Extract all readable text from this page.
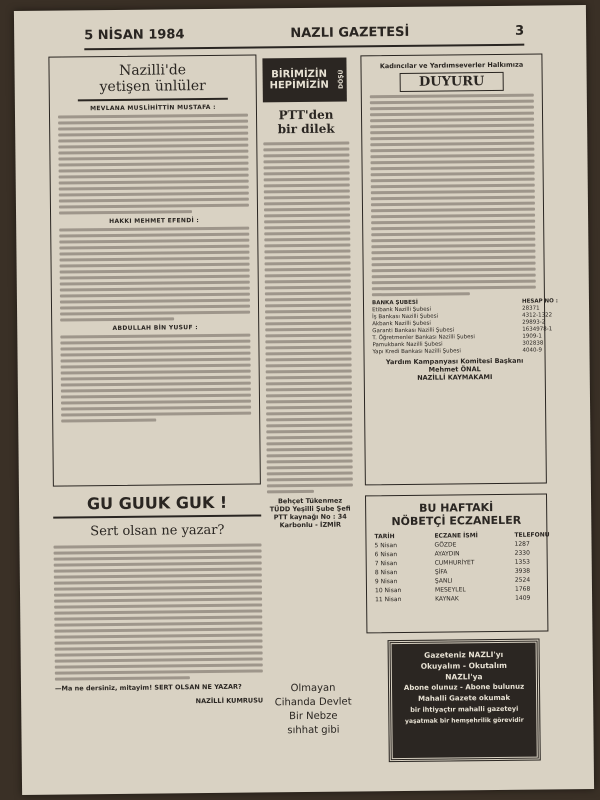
5 NİSAN 1984	NAZLI GAZETESİ	3
Nazilli'de
yetişen ünlüler
MEVLANA MUSLİHİTTİN MUSTAFA :
HAKKI MEHMET EFENDİ :
ABDULLAH BİN YUSUF :
BİRİMİZİN
HEPİMİZİN	DÖŞÜ
PTT'den
bir dilek
Behçet Tükenmez
TÜDD Yeşilli Şube Şefi
PTT kaynağı No : 34
Karbonlu - İZMİR
Olmayan
Cihanda Devlet
Bir Nebze
sıhhat gibi
Kadıncılar ve Yardımseverler Halkımıza
DUYURU
BANKA ŞUBESİ	HESAP NO :
Etibank Nazilli Şubesi	28371
İş Bankası Nazilli Şubesi	4312-1322
Akbank Nazilli Şubesi	29893-2
Garanti Bankası Nazilli Şubesi	1634978-1
T. Öğretmenler Bankası Nazilli Şubesi	1909-1
Pamukbank Nazilli Şubesi	302838
Yapı Kredi Bankası Nazilli Şubesi	4040-9
Yardım Kampanyası Komitesi Başkanı
Mehmet ÖNAL
NAZİLLİ KAYMAKAMI
GU GUUK GUK !
Sert olsan ne yazar?
—Ma ne dersiniz, mitayim! SERT OLSAN NE YAZAR?
NAZİLLİ KUMRUSU
BU HAFTAKİ
NÖBETÇİ ECZANELER
TARİH	ECZANE İSMİ	TELEFONU
5 Nisan	GÖZDE	1287
6 Nisan	AYAYDIN	2330
7 Nisan	CUMHURİYET	1353
8 Nisan	ŞİFA	3938
9 Nisan	ŞANLI	2524
10 Nisan	MESEYLEL	1768
11 Nisan	KAYNAK	1409
Gazeteniz NAZLI'yı
Okuyalım - Okutalım
NAZLI'ya
Abone olunuz - Abone bulunuz
Mahalli Gazete okumak
bir ihtiyaçtır mahalli gazeteyi
yaşatmak bir hemşehrilik görevidir
